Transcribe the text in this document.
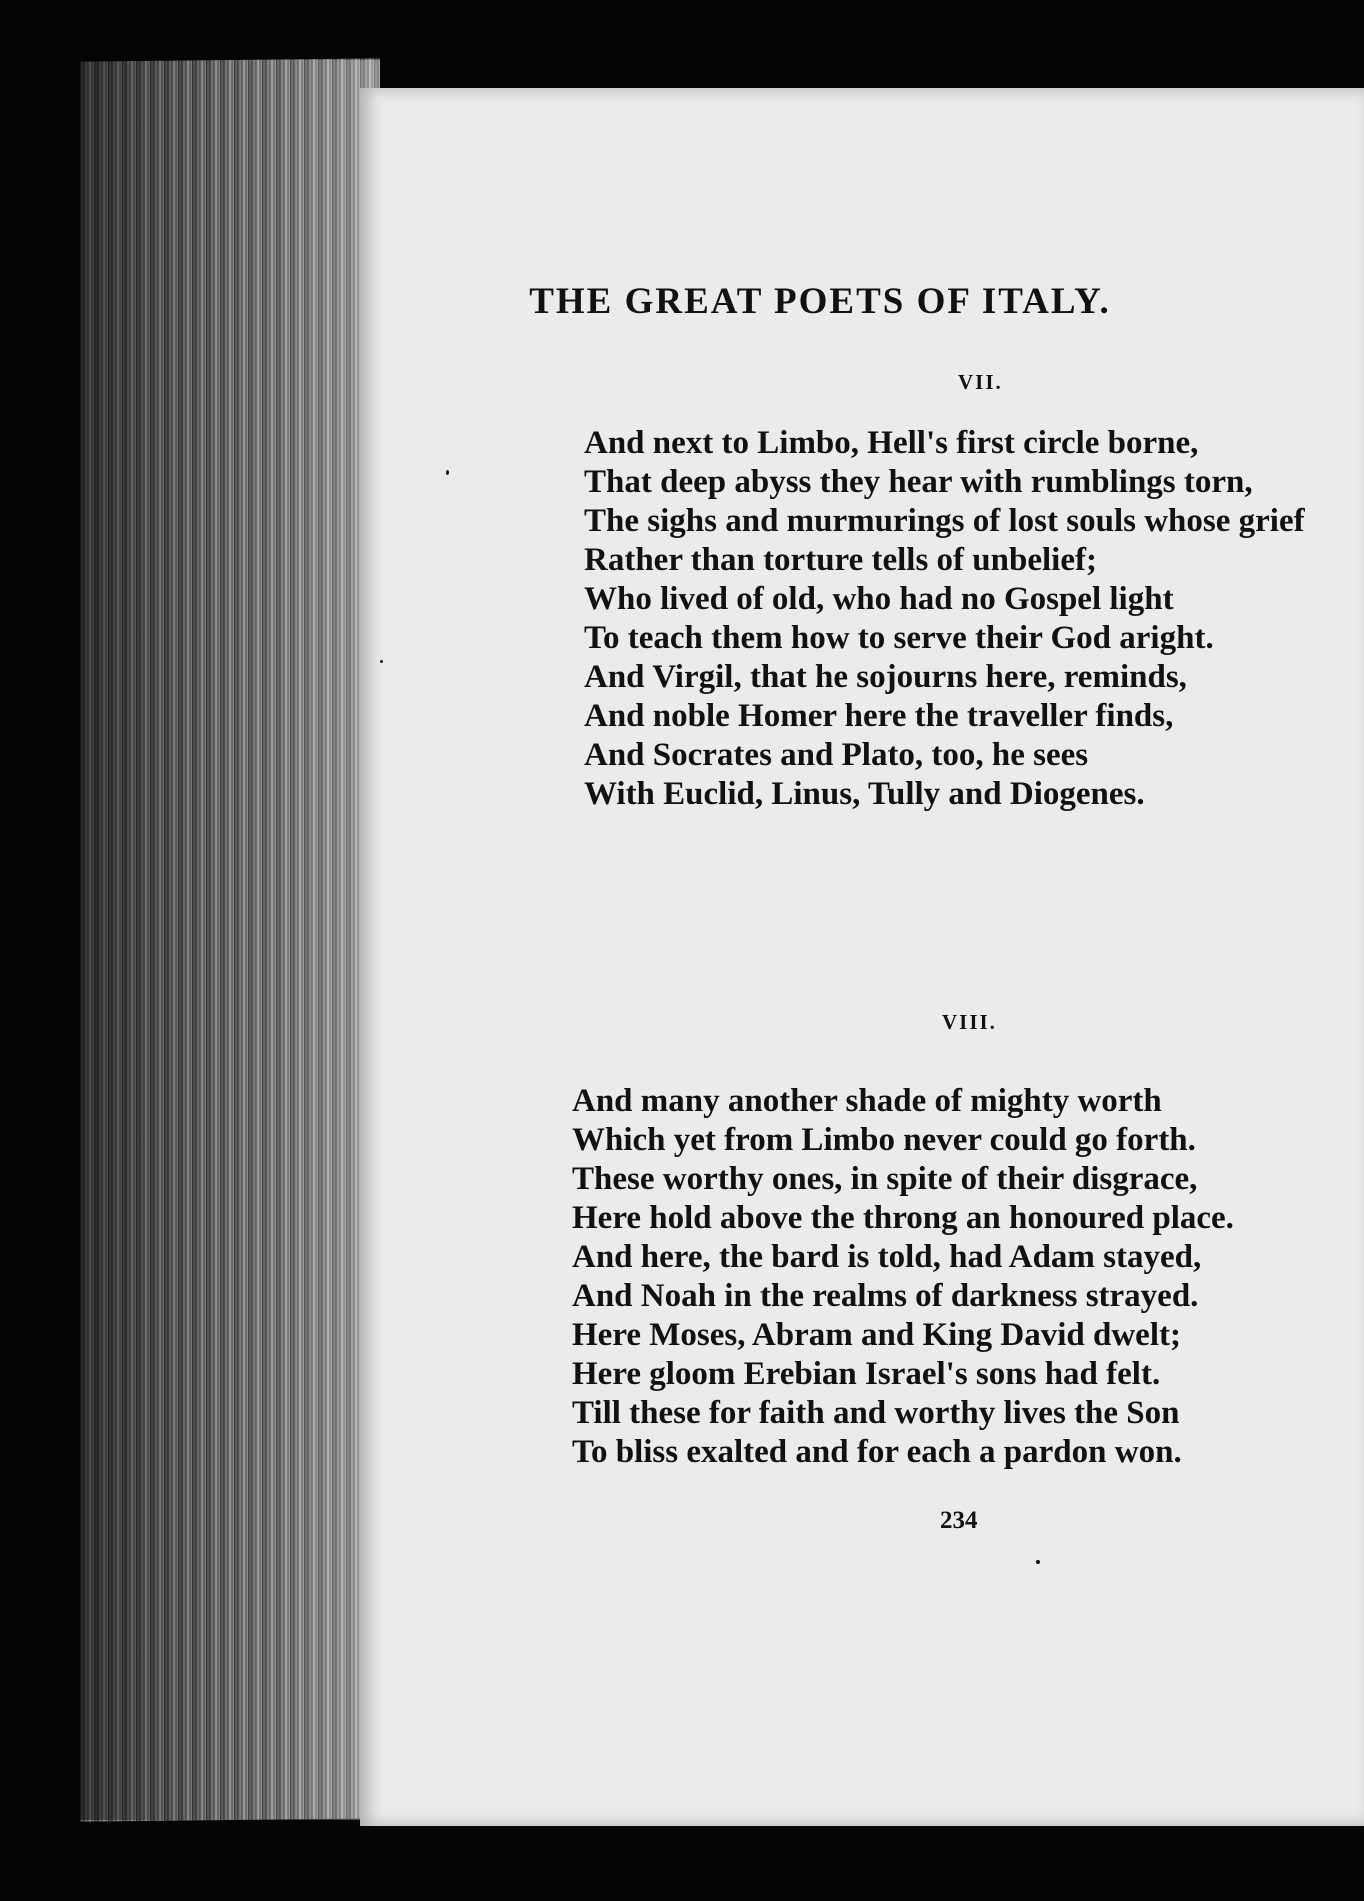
THE GREAT POETS OF ITALY.
VII.
And next to Limbo, Hell's first circle borne,
That deep abyss they hear with rumblings torn,
The sighs and murmurings of lost souls whose grief
Rather than torture tells of unbelief;
Who lived of old, who had no Gospel light
To teach them how to serve their God aright.
And Virgil, that he sojourns here, reminds,
And noble Homer here the traveller finds,
And Socrates and Plato, too, he sees
With Euclid, Linus, Tully and Diogenes.
VIII.
And many another shade of mighty worth
Which yet from Limbo never could go forth.
These worthy ones, in spite of their disgrace,
Here hold above the throng an honoured place.
And here, the bard is told, had Adam stayed,
And Noah in the realms of darkness strayed.
Here Moses, Abram and King David dwelt;
Here gloom Erebian Israel's sons had felt.
Till these for faith and worthy lives the Son
To bliss exalted and for each a pardon won.
234
